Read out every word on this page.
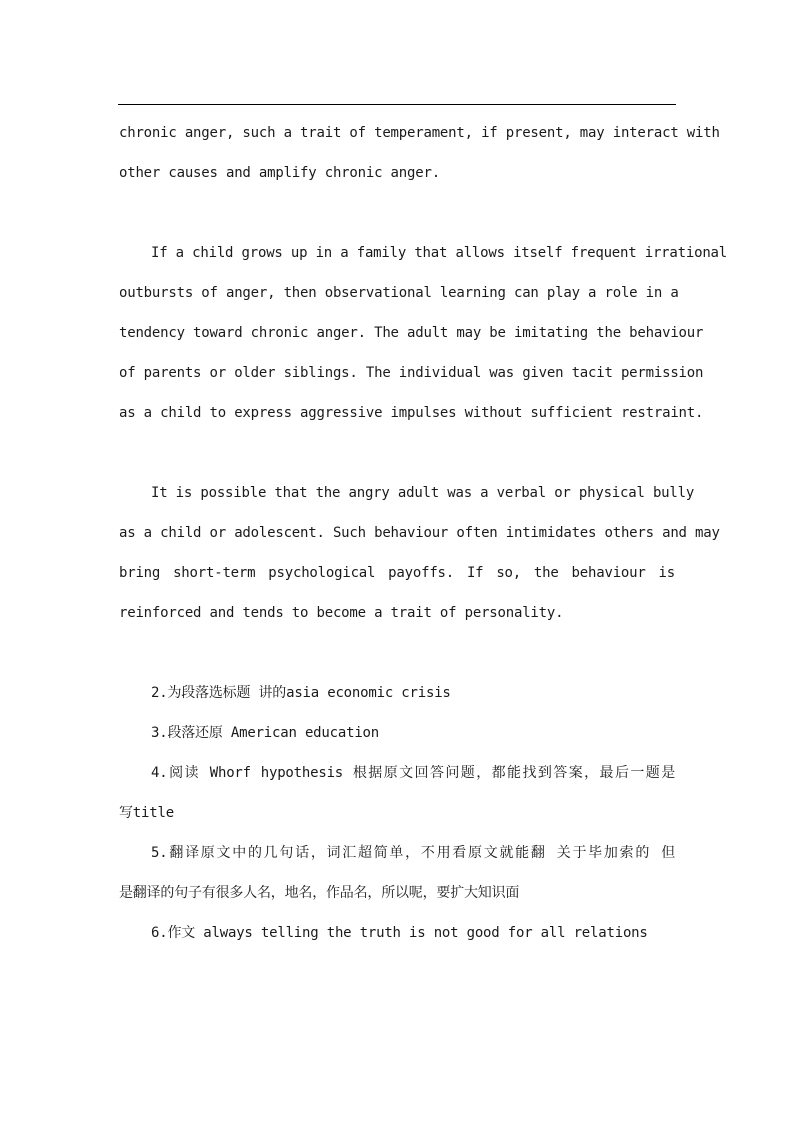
chronic anger, such a trait of temperament, if present, may interact with
other causes and amplify chronic anger.
If a child grows up in a family that allows itself frequent irrational
outbursts of anger, then observational learning can play a role in a
tendency toward chronic anger. The adult may be imitating the behaviour
of parents or older siblings. The individual was given tacit permission
as a child to express aggressive impulses without sufficient restraint.
It is possible that the angry adult was a verbal or physical bully
as a child or adolescent. Such behaviour often intimidates others and may
bring short-term psychological payoffs. If so, the behaviour is
reinforced and tends to become a trait of personality.
2.为段落选标题 讲的asia economic crisis
3.段落还原 American education
4.阅读 Whorf hypothesis 根据原文回答问题，都能找到答案，最后一题是
写title
5.翻译原文中的几句话，词汇超简单，不用看原文就能翻 关于毕加索的 但
是翻译的句子有很多人名，地名，作品名，所以呢，要扩大知识面
6.作文 always telling the truth is not good for all relations
